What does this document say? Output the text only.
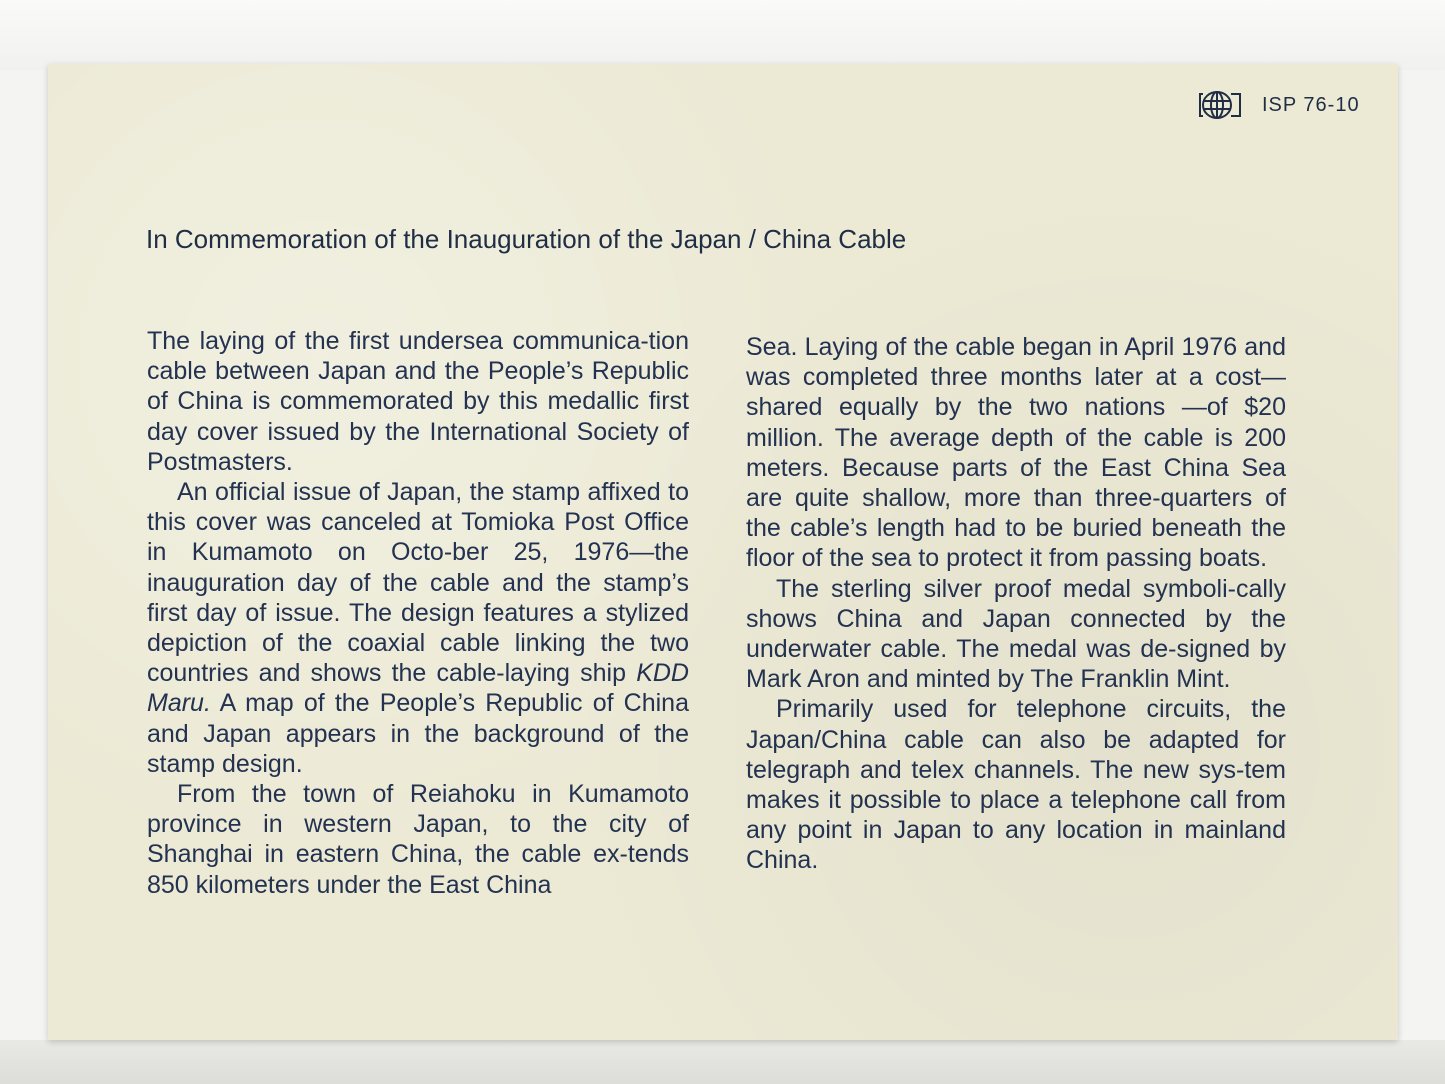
ISP 76-10
In Commemoration of the Inauguration of the Japan / China Cable

The laying of the first undersea communica-tion cable between Japan and the People’s Republic of China is commemorated by this medallic first day cover issued by the International Society of Postmasters.

An official issue of Japan, the stamp affixed to this cover was canceled at Tomioka Post Office in Kumamoto on Octo-ber 25, 1976—the inauguration day of the cable and the stamp’s first day of issue. The design features a stylized depiction of the coaxial cable linking the two countries and shows the cable-laying ship KDD Maru. A map of the People’s Republic of China and Japan appears in the background of the stamp design.

From the town of Reiahoku in Kumamoto province in western Japan, to the city of Shanghai in eastern China, the cable ex-tends 850 kilometers under the East China

Sea. Laying of the cable began in April 1976 and was completed three months later at a cost—shared equally by the two nations —of $20 million. The average depth of the cable is 200 meters. Because parts of the East China Sea are quite shallow, more than three-quarters of the cable’s length had to be buried beneath the floor of the sea to protect it from passing boats.

The sterling silver proof medal symboli-cally shows China and Japan connected by the underwater cable. The medal was de-signed by Mark Aron and minted by The Franklin Mint.

Primarily used for telephone circuits, the Japan/China cable can also be adapted for telegraph and telex channels. The new sys-tem makes it possible to place a telephone call from any point in Japan to any location in mainland China.
